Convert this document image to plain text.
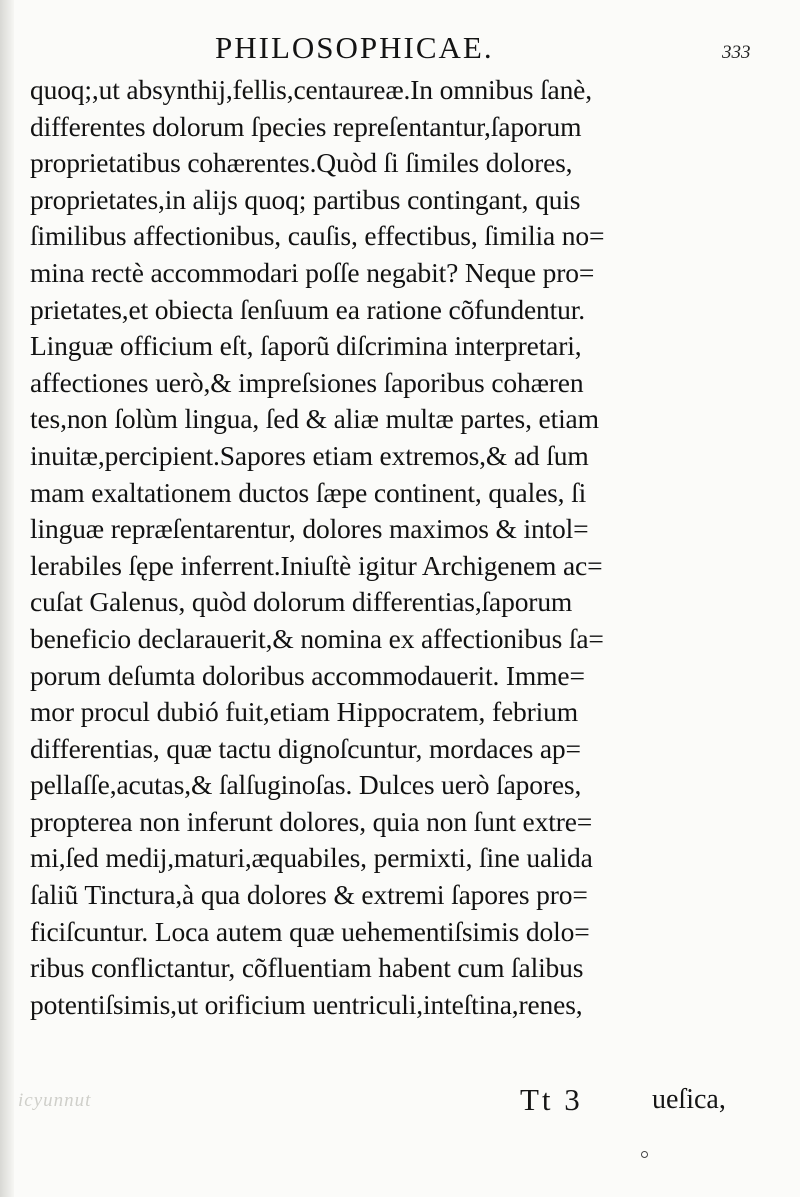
PHILOSOPHICAE.	333
quoq;,ut absynthij,fellis,centaureæ.In omnibus ſanè,
differentes dolorum ſpecies repreſentantur,ſaporum
proprietatibus cohærentes.Quòd ſi ſimiles dolores,
proprietates,in alijs quoq; partibus contingant, quis
ſimilibus affectionibus, cauſis, effectibus, ſimilia no=
mina rectè accommodari poſſe negabit? Neque pro=
prietates,et obiecta ſenſuum ea ratione cõfundentur.
Linguæ officium eſt, ſaporũ diſcrimina interpretari,
affectiones uerò,& impreſsiones ſaporibus cohæren
tes,non ſolùm lingua, ſed & aliæ multæ partes, etiam
inuitæ,percipient.Sapores etiam extremos,& ad ſum
mam exaltationem ductos ſæpe continent, quales, ſi
linguæ repræſentarentur, dolores maximos & intol=
lerabiles ſępe inferrent.Iniuſtè igitur Archigenem ac=
cuſat Galenus, quòd dolorum differentias,ſaporum
beneficio declarauerit,& nomina ex affectionibus ſa=
porum deſumta doloribus accommodauerit. Imme=
mor procul dubió fuit,etiam Hippocratem, febrium
differentias, quæ tactu dignoſcuntur, mordaces ap=
pellaſſe,acutas,& ſalſuginoſas. Dulces uerò ſapores,
propterea non inferunt dolores, quia non ſunt extre=
mi,ſed medij,maturi,æquabiles, permixti, ſine ualida
ſaliũ Tinctura,à qua dolores & extremi ſapores pro=
ficiſcuntur. Loca autem quæ uehementiſsimis dolo=
ribus conflictantur, cõfluentiam habent cum ſalibus
potentiſsimis,ut orificium uentriculi,inteſtina,renes,
icyunnut	Tt 3 ueſica,
